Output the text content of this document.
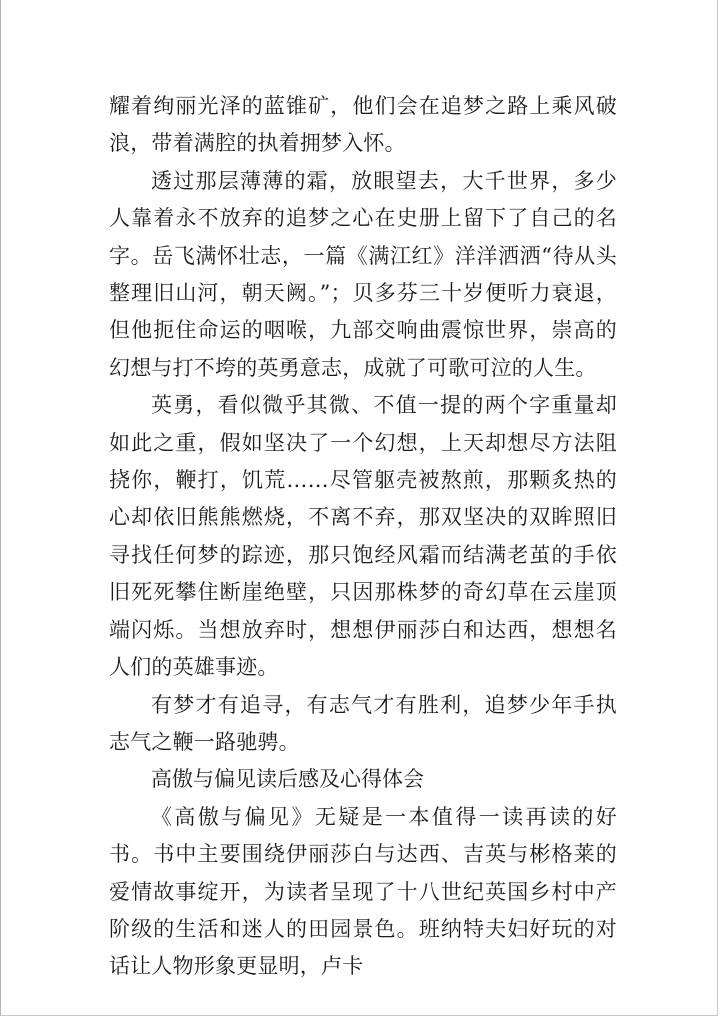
耀着绚丽光泽的蓝锥矿，他们会在追梦之路上乘风破浪，带着满腔的执着拥梦入怀。

透过那层薄薄的霜，放眼望去，大千世界，多少人靠着永不放弃的追梦之心在史册上留下了自己的名字。岳飞满怀壮志，一篇《满江红》洋洋洒洒“待从头整理旧山河，朝天阙。”；贝多芬三十岁便听力衰退，但他扼住命运的咽喉，九部交响曲震惊世界，崇高的幻想与打不垮的英勇意志，成就了可歌可泣的人生。

英勇，看似微乎其微、不值一提的两个字重量却如此之重，假如坚决了一个幻想，上天却想尽方法阻挠你，鞭打，饥荒……尽管躯壳被熬煎，那颗炙热的心却依旧熊熊燃烧，不离不弃，那双坚决的双眸照旧寻找任何梦的踪迹，那只饱经风霜而结满老茧的手依旧死死攀住断崖绝壁，只因那株梦的奇幻草在云崖顶端闪烁。当想放弃时，想想伊丽莎白和达西，想想名人们的英雄事迹。

有梦才有追寻，有志气才有胜利，追梦少年手执志气之鞭一路驰骋。

高傲与偏见读后感及心得体会

《高傲与偏见》无疑是一本值得一读再读的好书。书中主要围绕伊丽莎白与达西、吉英与彬格莱的爱情故事绽开，为读者呈现了十八世纪英国乡村中产阶级的生活和迷人的田园景色。班纳特夫妇好玩的对话让人物形象更显明，卢卡
